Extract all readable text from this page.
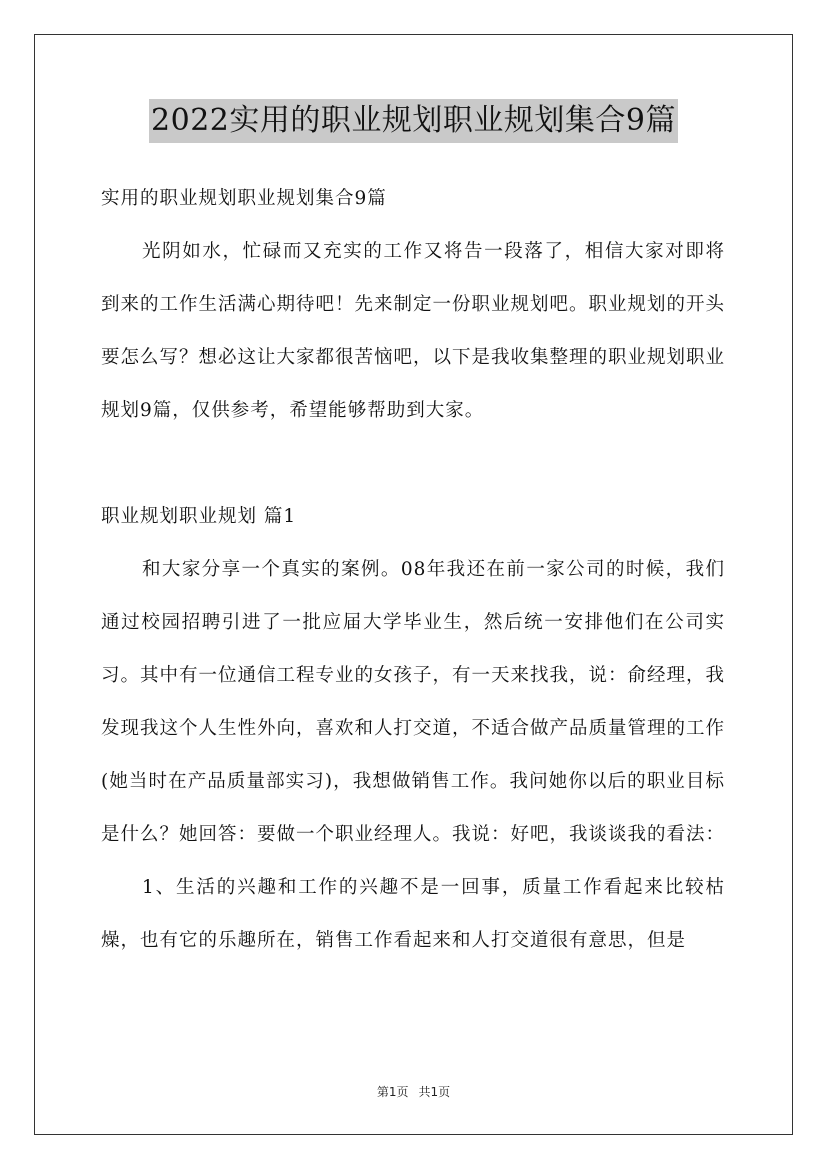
2022实用的职业规划职业规划集合9篇

实用的职业规划职业规划集合9篇

光阴如水，忙碌而又充实的工作又将告一段落了，相信大家对即将到来的工作生活满心期待吧！先来制定一份职业规划吧。职业规划的开头要怎么写？想必这让大家都很苦恼吧，以下是我收集整理的职业规划职业规划9篇，仅供参考，希望能够帮助到大家。

职业规划职业规划 篇1

和大家分享一个真实的案例。08年我还在前一家公司的时候，我们通过校园招聘引进了一批应届大学毕业生，然后统一安排他们在公司实习。其中有一位通信工程专业的女孩子，有一天来找我，说：俞经理，我发现我这个人生性外向，喜欢和人打交道，不适合做产品质量管理的工作(她当时在产品质量部实习)，我想做销售工作。我问她你以后的职业目标是什么？她回答：要做一个职业经理人。我说：好吧，我谈谈我的看法：

1、生活的兴趣和工作的兴趣不是一回事，质量工作看起来比较枯燥，也有它的乐趣所在，销售工作看起来和人打交道很有意思，但是

第1页 共1页
